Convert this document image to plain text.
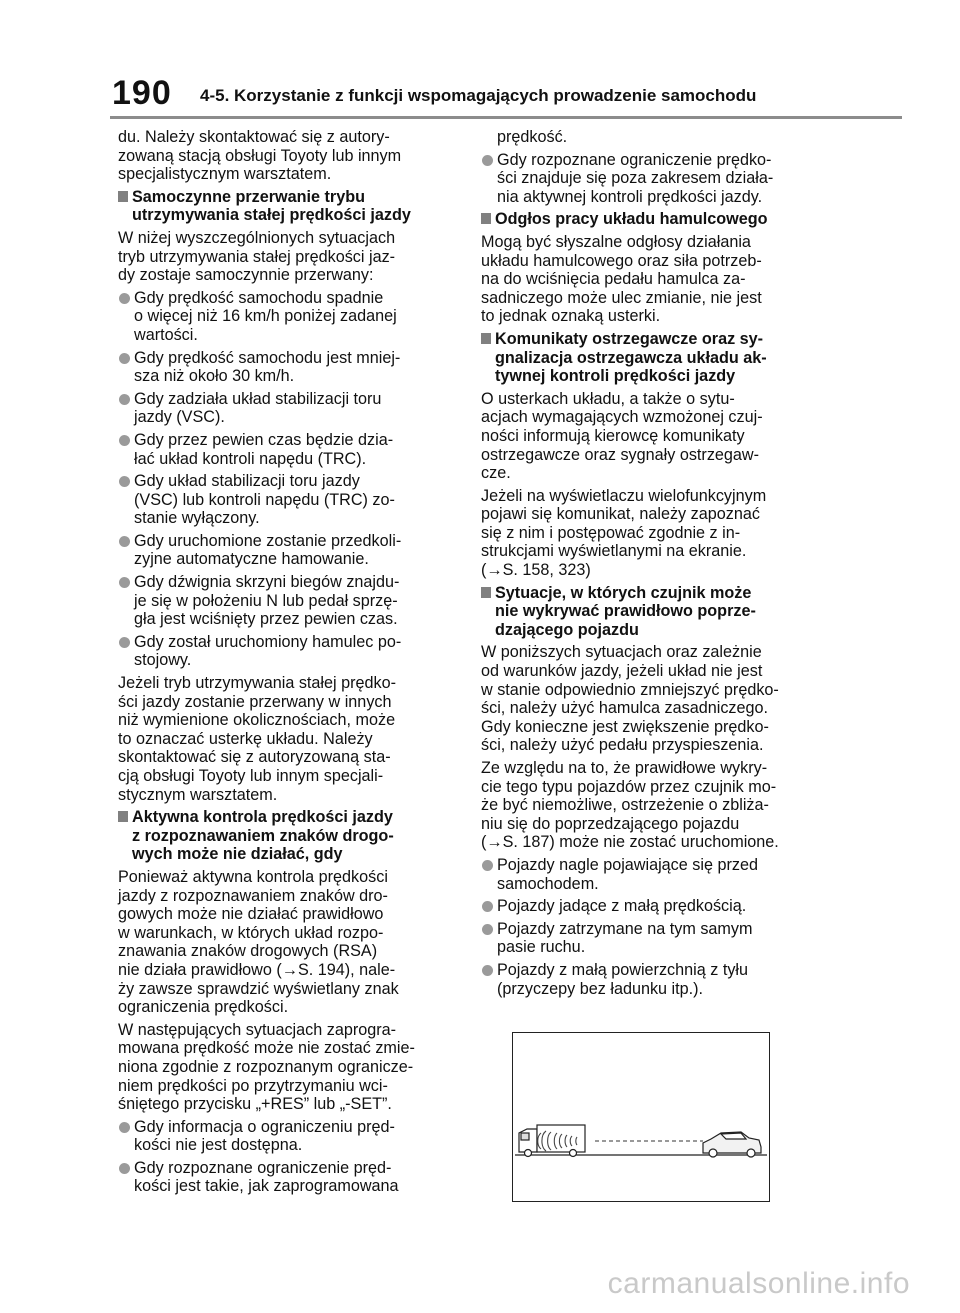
190 4-5. Korzystanie z funkcji wspomagających prowadzenie samochodu
du. Należy skontaktować się z autory-
zowaną stacją obsługi Toyoty lub innym
specjalistycznym warsztatem.
Samoczynne przerwanie trybu
utrzymywania stałej prędkości jazdy
W niżej wyszczególnionych sytuacjach
tryb utrzymywania stałej prędkości jaz-
dy zostaje samoczynnie przerwany:
Gdy prędkość samochodu spadnie
o więcej niż 16 km/h poniżej zadanej
wartości.
Gdy prędkość samochodu jest mniej-
sza niż około 30 km/h.
Gdy zadziała układ stabilizacji toru
jazdy (VSC).
Gdy przez pewien czas będzie dzia-
łać układ kontroli napędu (TRC).
Gdy układ stabilizacji toru jazdy
(VSC) lub kontroli napędu (TRC) zo-
stanie wyłączony.
Gdy uruchomione zostanie przedkoli-
zyjne automatyczne hamowanie.
Gdy dźwignia skrzyni biegów znajdu-
je się w położeniu N lub pedał sprzę-
gła jest wciśnięty przez pewien czas.
Gdy został uruchomiony hamulec po-
stojowy.
Jeżeli tryb utrzymywania stałej prędko-
ści jazdy zostanie przerwany w innych
niż wymienione okolicznościach, może
to oznaczać usterkę układu. Należy
skontaktować się z autoryzowaną sta-
cją obsługi Toyoty lub innym specjali-
stycznym warsztatem.
Aktywna kontrola prędkości jazdy
z rozpoznawaniem znaków drogo-
wych może nie działać, gdy
Ponieważ aktywna kontrola prędkości
jazdy z rozpoznawaniem znaków dro-
gowych może nie działać prawidłowo
w warunkach, w których układ rozpo-
znawania znaków drogowych (RSA)
nie działa prawidłowo (→S. 194), nale-
ży zawsze sprawdzić wyświetlany znak
ograniczenia prędkości.
W następujących sytuacjach zaprogra-
mowana prędkość może nie zostać zmie-
niona zgodnie z rozpoznanym ogranicze-
niem prędkości po przytrzymaniu wci-
śniętego przycisku „+RES” lub „-SET”.
Gdy informacja o ograniczeniu pręd-
kości nie jest dostępna.
Gdy rozpoznane ograniczenie pręd-
kości jest takie, jak zaprogramowana
prędkość.
Gdy rozpoznane ograniczenie prędko-
ści znajduje się poza zakresem działa-
nia aktywnej kontroli prędkości jazdy.
Odgłos pracy układu hamulcowego
Mogą być słyszalne odgłosy działania
układu hamulcowego oraz siła potrzeb-
na do wciśnięcia pedału hamulca za-
sadniczego może ulec zmianie, nie jest
to jednak oznaką usterki.
Komunikaty ostrzegawcze oraz sy-
gnalizacja ostrzegawcza układu ak-
tywnej kontroli prędkości jazdy
O usterkach układu, a także o sytu-
acjach wymagających wzmożonej czuj-
ności informują kierowcę komunikaty
ostrzegawcze oraz sygnały ostrzegaw-
cze.
Jeżeli na wyświetlaczu wielofunkcyjnym
pojawi się komunikat, należy zapoznać
się z nim i postępować zgodnie z in-
strukcjami wyświetlanymi na ekranie.
(→S. 158, 323)
Sytuacje, w których czujnik może
nie wykrywać prawidłowo poprze-
dzającego pojazdu
W poniższych sytuacjach oraz zależnie
od warunków jazdy, jeżeli układ nie jest
w stanie odpowiednio zmniejszyć prędko-
ści, należy użyć hamulca zasadniczego.
Gdy konieczne jest zwiększenie prędko-
ści, należy użyć pedału przyspieszenia.
Ze względu na to, że prawidłowe wykry-
cie tego typu pojazdów przez czujnik mo-
że być niemożliwe, ostrzeżenie o zbliża-
niu się do poprzedzającego pojazdu
(→S. 187) może nie zostać uruchomione.
Pojazdy nagle pojawiające się przed
samochodem.
Pojazdy jadące z małą prędkością.
Pojazdy zatrzymane na tym samym
pasie ruchu.
Pojazdy z małą powierzchnią z tyłu
(przyczepy bez ładunku itp.).
carmanualsonline.info
